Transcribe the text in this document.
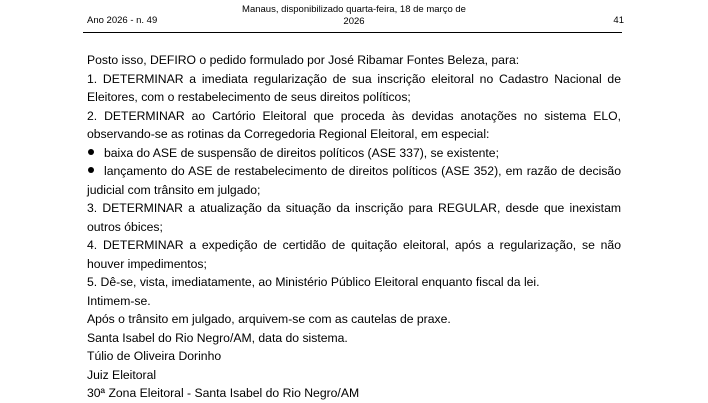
Ano 2026 - n. 49
Manaus, disponibilizado quarta-feira, 18 de março de
2026	41

Posto isso, DEFIRO o pedido formulado por José Ribamar Fontes Beleza, para:

1. DETERMINAR a imediata regularização de sua inscrição eleitoral no Cadastro Nacional de Eleitores, com o restabelecimento de seus direitos políticos;

2. DETERMINAR ao Cartório Eleitoral que proceda às devidas anotações no sistema ELO, observando-se as rotinas da Corregedoria Regional Eleitoral, em especial:

baixa do ASE de suspensão de direitos políticos (ASE 337), se existente;

lançamento do ASE de restabelecimento de direitos políticos (ASE 352), em razão de decisão judicial com trânsito em julgado;

3. DETERMINAR a atualização da situação da inscrição para REGULAR, desde que inexistam outros óbices;

4. DETERMINAR a expedição de certidão de quitação eleitoral, após a regularização, se não houver impedimentos;

5. Dê-se, vista, imediatamente, ao Ministério Público Eleitoral enquanto fiscal da lei.

Intimem-se.

Após o trânsito em julgado, arquivem-se com as cautelas de praxe.

Santa Isabel do Rio Negro/AM, data do sistema.

Túlio de Oliveira Dorinho

Juiz Eleitoral

30ª Zona Eleitoral - Santa Isabel do Rio Negro/AM
